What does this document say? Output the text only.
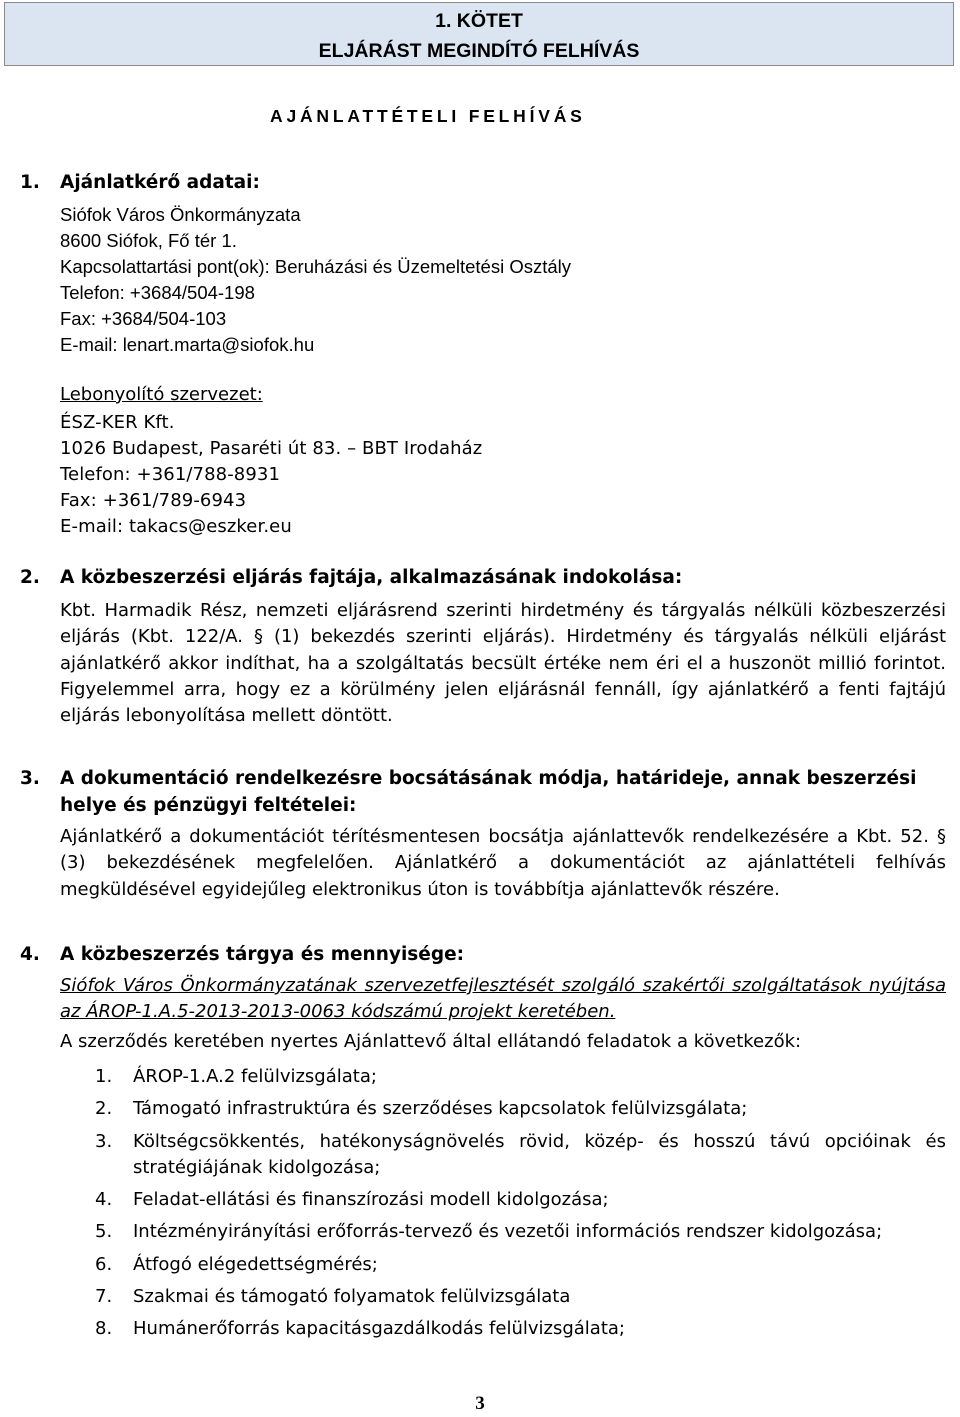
1. KÖTET
ELJÁRÁST MEGINDÍTÓ FELHÍVÁS
AJÁNLATTÉTELI FELHÍVÁS
1. Ajánlatkérő adatai:
Siófok Város Önkormányzata
8600 Siófok, Fő tér 1.
Kapcsolattartási pont(ok): Beruházási és Üzemeltetési Osztály
Telefon: +3684/504-198
Fax: +3684/504-103
E-mail: lenart.marta@siofok.hu
Lebonyolító szervezet:
ÉSZ-KER Kft.
1026 Budapest, Pasaréti út 83. – BBT Irodaház
Telefon: +361/788-8931
Fax: +361/789-6943
E-mail: takacs@eszker.eu
2. A közbeszerzési eljárás fajtája, alkalmazásának indokolása:
Kbt. Harmadik Rész, nemzeti eljárásrend szerinti hirdetmény és tárgyalás nélküli közbeszerzési eljárás (Kbt. 122/A. § (1) bekezdés szerinti eljárás). Hirdetmény és tárgyalás nélküli eljárást ajánlatkérő akkor indíthat, ha a szolgáltatás becsült értéke nem éri el a huszonöt millió forintot. Figyelemmel arra, hogy ez a körülmény jelen eljárásnál fennáll, így ajánlatkérő a fenti fajtájú eljárás lebonyolítása mellett döntött.
3. A dokumentáció rendelkezésre bocsátásának módja, határideje, annak beszerzési
helye és pénzügyi feltételei:
Ajánlatkérő a dokumentációt térítésmentesen bocsátja ajánlattevők rendelkezésére a Kbt. 52. § (3) bekezdésének megfelelően. Ajánlatkérő a dokumentációt az ajánlattételi felhívás megküldésével egyidejűleg elektronikus úton is továbbítja ajánlattevők részére.
4. A közbeszerzés tárgya és mennyisége:
Siófok Város Önkormányzatának szervezetfejlesztését szolgáló szakértői szolgáltatások nyújtása az ÁROP-1.A.5-2013-2013-0063 kódszámú projekt keretében.
A szerződés keretében nyertes Ajánlattevő által ellátandó feladatok a következők:
1. ÁROP-1.A.2 felülvizsgálata;
2. Támogató infrastruktúra és szerződéses kapcsolatok felülvizsgálata;
3. Költségcsökkentés, hatékonyságnövelés rövid, közép- és hosszú távú opcióinak és stratégiájának kidolgozása;
4. Feladat-ellátási és finanszírozási modell kidolgozása;
5. Intézményirányítási erőforrás-tervező és vezetői információs rendszer kidolgozása;
6. Átfogó elégedettségmérés;
7. Szakmai és támogató folyamatok felülvizsgálata
8. Humánerőforrás kapacitásgazdálkodás felülvizsgálata;
3
